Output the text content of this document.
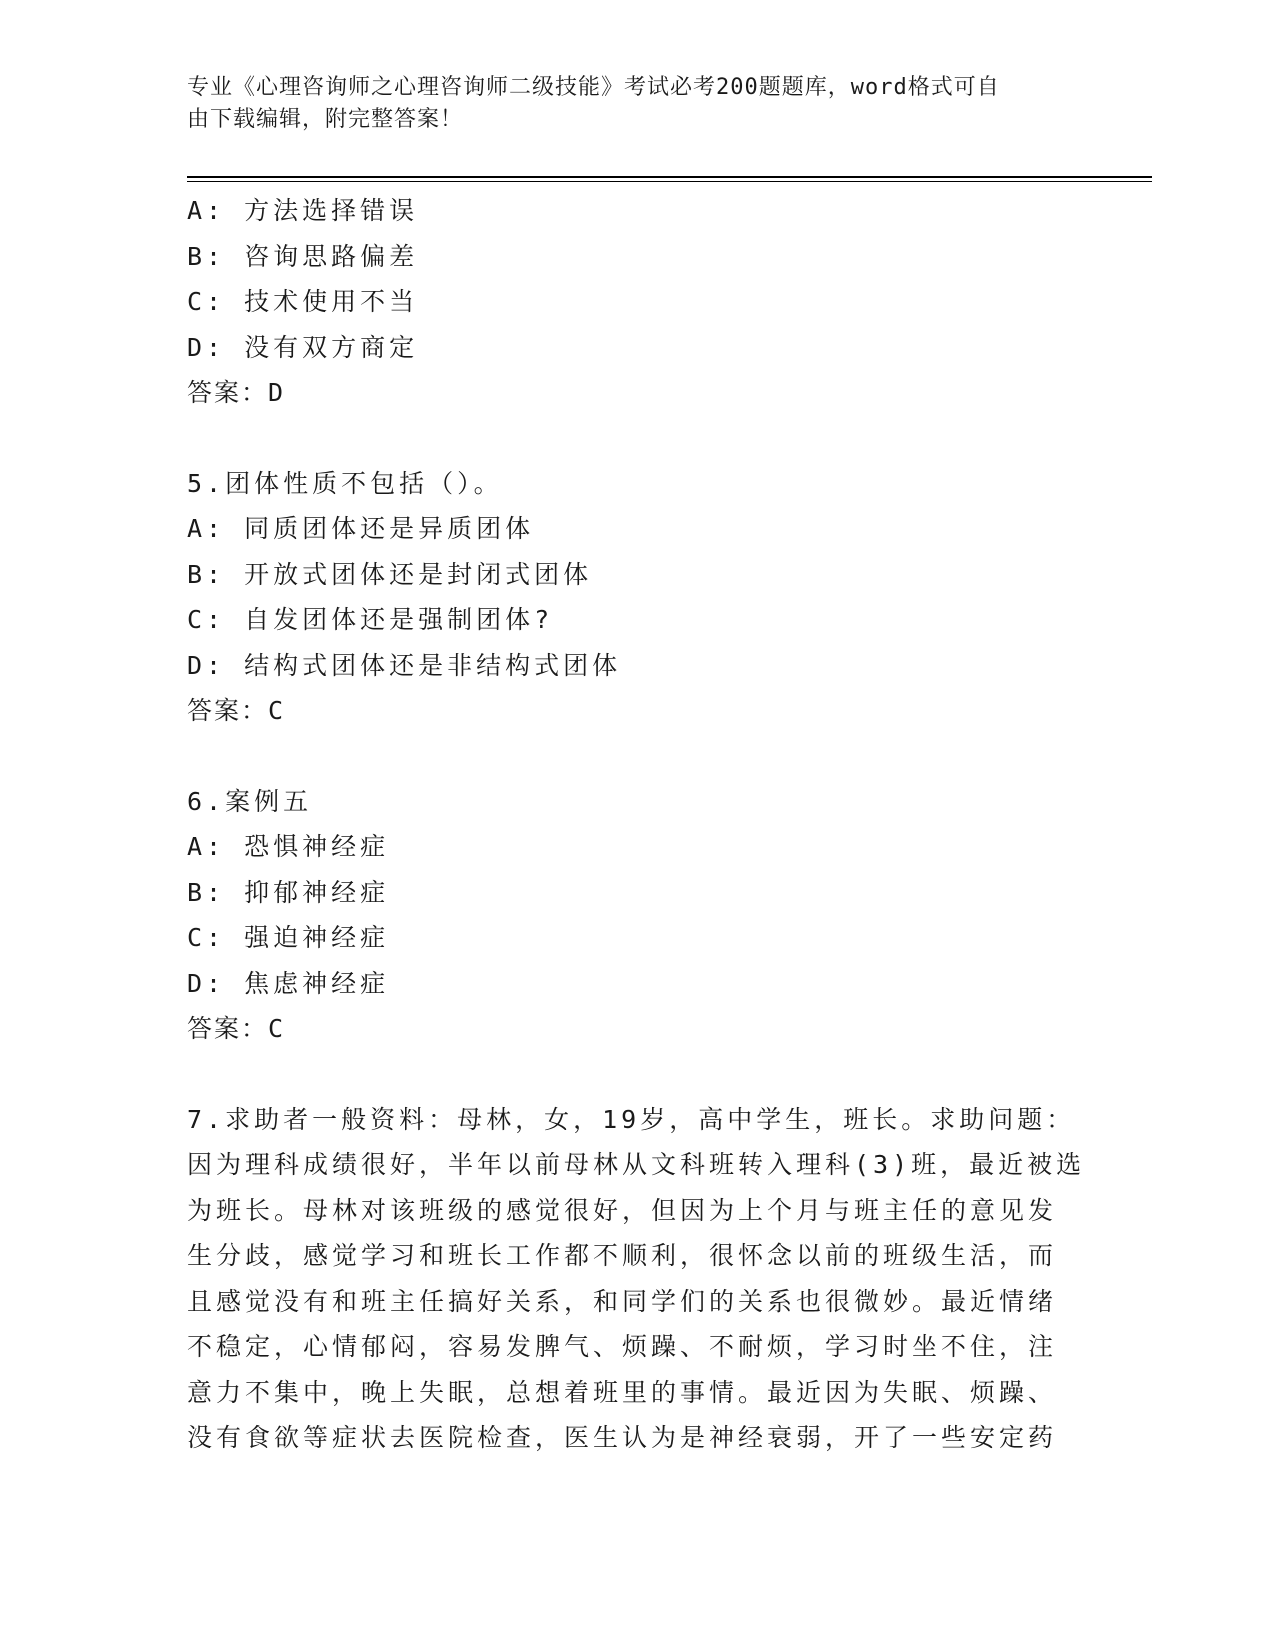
专业《心理咨询师之心理咨询师二级技能》考试必考200题题库，word格式可自
由下载编辑，附完整答案！
A: 方法选择错误
B: 咨询思路偏差
C: 技术使用不当
D: 没有双方商定
答案：D
5.团体性质不包括（）。
A: 同质团体还是异质团体
B: 开放式团体还是封闭式团体
C: 自发团体还是强制团体?
D: 结构式团体还是非结构式团体
答案：C
6.案例五
A: 恐惧神经症
B: 抑郁神经症
C: 强迫神经症
D: 焦虑神经症
答案：C
7.求助者一般资料：母林，女，19岁，高中学生，班长。求助问题：
因为理科成绩很好，半年以前母林从文科班转入理科(3)班，最近被选
为班长。母林对该班级的感觉很好，但因为上个月与班主任的意见发
生分歧，感觉学习和班长工作都不顺利，很怀念以前的班级生活，而
且感觉没有和班主任搞好关系，和同学们的关系也很微妙。最近情绪
不稳定，心情郁闷，容易发脾气、烦躁、不耐烦，学习时坐不住，注
意力不集中，晚上失眠，总想着班里的事情。最近因为失眠、烦躁、
没有食欲等症状去医院检查，医生认为是神经衰弱，开了一些安定药
